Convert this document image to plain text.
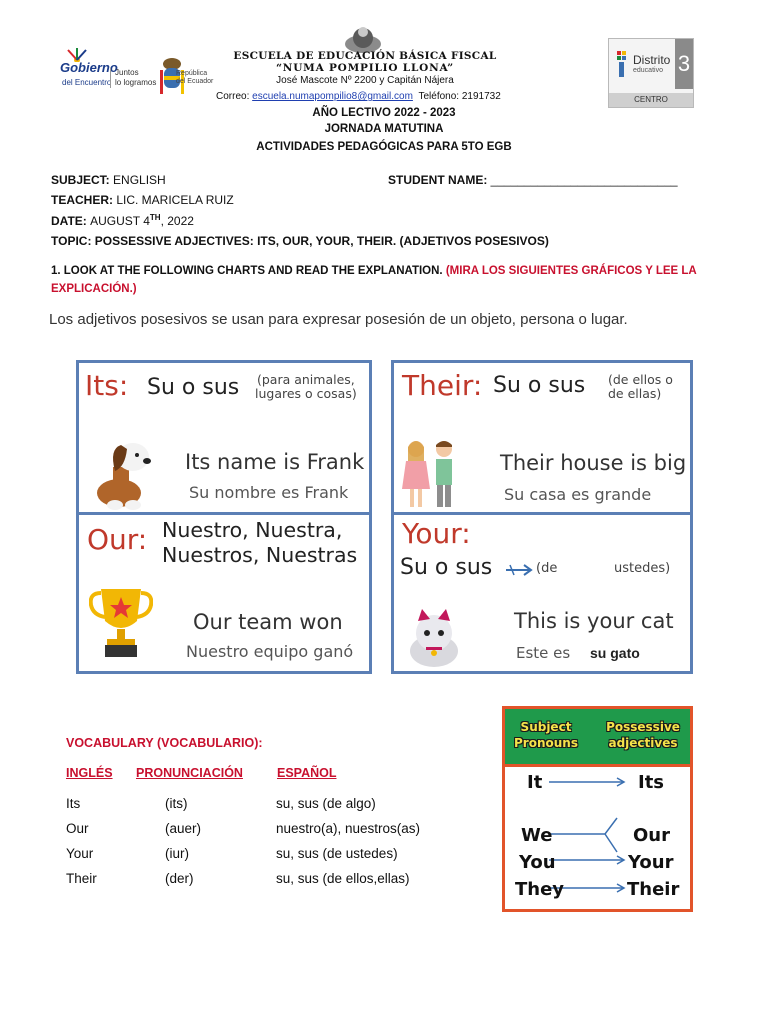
Gobierno
del Encuentro
Juntos
lo logramos
República
del Ecuador
ESCUELA DE EDUCACIÓN BÁSICA FISCAL
“NUMA POMPILIO LLONA”
José Mascote Nº 2200 y Capitán Nájera
Correo: escuela.numapompilio8@gmail.com Teléfono: 2191732
AÑO LECTIVO 2022 - 2023
JORNADA MATUTINA
ACTIVIDADES PEDAGÓGICAS PARA 5TO EGB
Distrito
educativo 3
CENTRO
SUBJECT: ENGLISH	STUDENT NAME: ____________________________
TEACHER: LIC. MARICELA RUIZ
DATE: AUGUST 4TH, 2022
TOPIC: POSSESSIVE ADJECTIVES: ITS, OUR, YOUR, THEIR. (ADJETIVOS POSESIVOS)
1. LOOK AT THE FOLLOWING CHARTS AND READ THE EXPLANATION. (MIRA LOS SIGUIENTES GRÁFICOS Y LEE LA EXPLICACIÓN.)
Los adjetivos posesivos se usan para expresar posesión de un objeto, persona o lugar.
Its: Su o sus (para animales,
lugares o cosas)
Its name is Frank
Su nombre es Frank
Their: Su o sus (de ellos o
de ellas)
Their house is big
Su casa es grande
Our: Nuestro, Nuestra,
Nuestros, Nuestras
Our team won
Nuestro equipo ganó
Your:
Su o sus	(de	ustedes)
This is your cat
Este es su gato
VOCABULARY (VOCABULARIO):
INGLÉS PRONUNCIACIÓN	ESPAÑOL
Its	(its)	su, sus (de algo)
Our	(auer)	nuestro(a), nuestros(as)
Your	(iur)	su, sus (de ustedes)
Their	(der)	su, sus (de ellos,ellas)
Subject
Pronouns
Possessive
adjectives
It	Its
We	Our
You	Your
They	Their
